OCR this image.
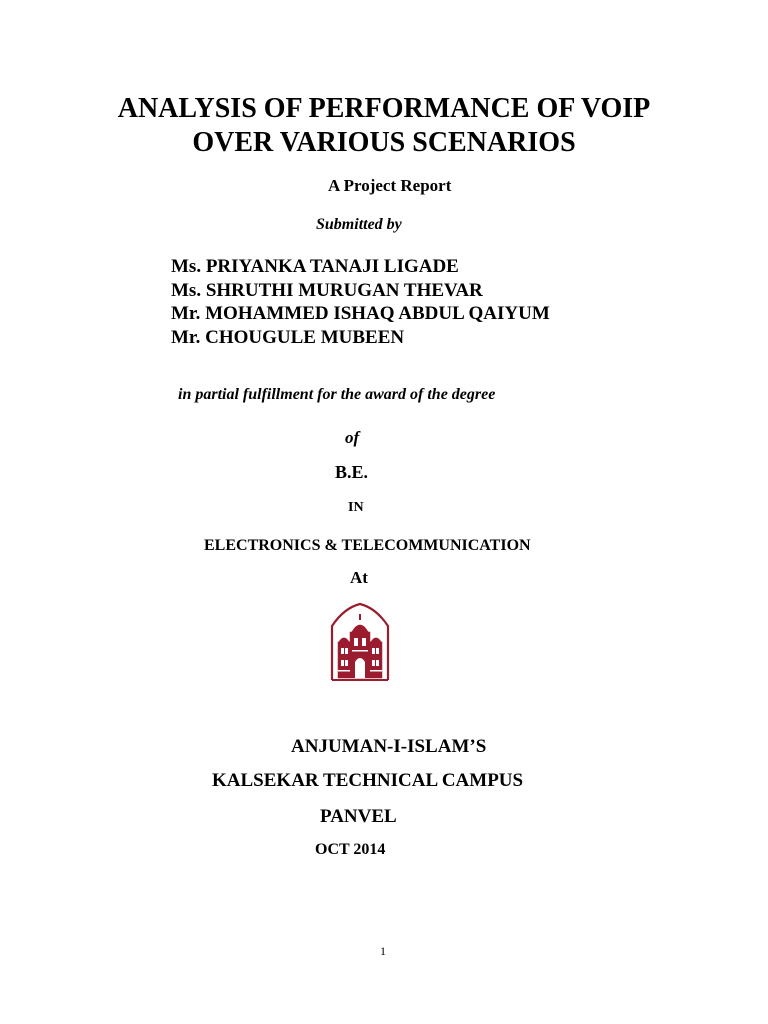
ANALYSIS OF PERFORMANCE OF VOIP
OVER VARIOUS SCENARIOS
A Project Report
Submitted by
Ms. PRIYANKA TANAJI LIGADE
Ms. SHRUTHI MURUGAN THEVAR
Mr. MOHAMMED ISHAQ ABDUL QAIYUM
Mr. CHOUGULE MUBEEN
in partial fulfillment for the award of the degree
of
B.E.
IN
ELECTRONICS & TELECOMMUNICATION
At
ANJUMAN-I-ISLAM’S
KALSEKAR TECHNICAL CAMPUS
PANVEL
OCT 2014
1
